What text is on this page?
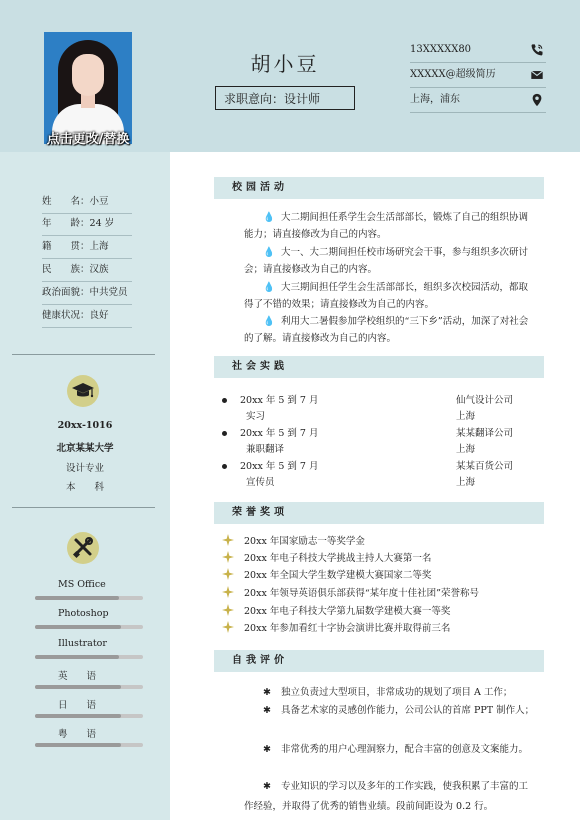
点击更改/替换
胡小豆
求职意向：设计师
13XXXXX80
XXXXX@超级简历
上海，浦东
姓　　名：小豆
年　　龄：24 岁
籍　　贯：上海
民　　族：汉族
政治面貌：中共党员
健康状况：良好
20xx-1016
北京某某大学
设计专业
本　　科
MS Office
Photoshop
Illustrator
英　　语
日　　语
粤　　语
校园活动
💧 大二期间担任系学生会生活部部长，锻炼了自己的组织协调能力；请直接修改为自己的内容。
💧 大一、大二期间担任校市场研究会干事，参与组织多次研讨会；请直接修改为自己的内容。
💧 大三期间担任学生会生活部部长，组织多次校园活动，都取得了不错的效果；请直接修改为自己的内容。
💧 利用大二暑假参加学校组织的“三下乡”活动，加深了对社会的了解。请直接修改为自己的内容。
社会实践
20xx 年 5 到 7 月
实习
仙气设计公司
上海
20xx 年 5 到 7 月
兼职翻译
某某翻译公司
上海
20xx 年 5 到 7 月
宣传员
某某百货公司
上海
荣誉奖项
20xx 年国家励志一等奖学金
20xx 年电子科技大学挑战主持人大赛第一名
20xx 年全国大学生数学建模大赛国家二等奖
20xx 年领导英语俱乐部获得“某年度十佳社团”荣誉称号
20xx 年电子科技大学第九届数学建模大赛一等奖
20xx 年参加看红十字协会演讲比赛并取得前三名
自我评价
✱ 独立负责过大型项目，非常成功的规划了项目 A 工作；
✱ 具备艺术家的灵感创作能力，公司公认的首席 PPT 制作人；
✱ 非常优秀的用户心理洞察力，配合丰富的创意及文案能力。
✱ 专业知识的学习以及多年的工作实践，使我积累了丰富的工作经验，并取得了优秀的销售业绩。段前间距设为 0.2 行。
